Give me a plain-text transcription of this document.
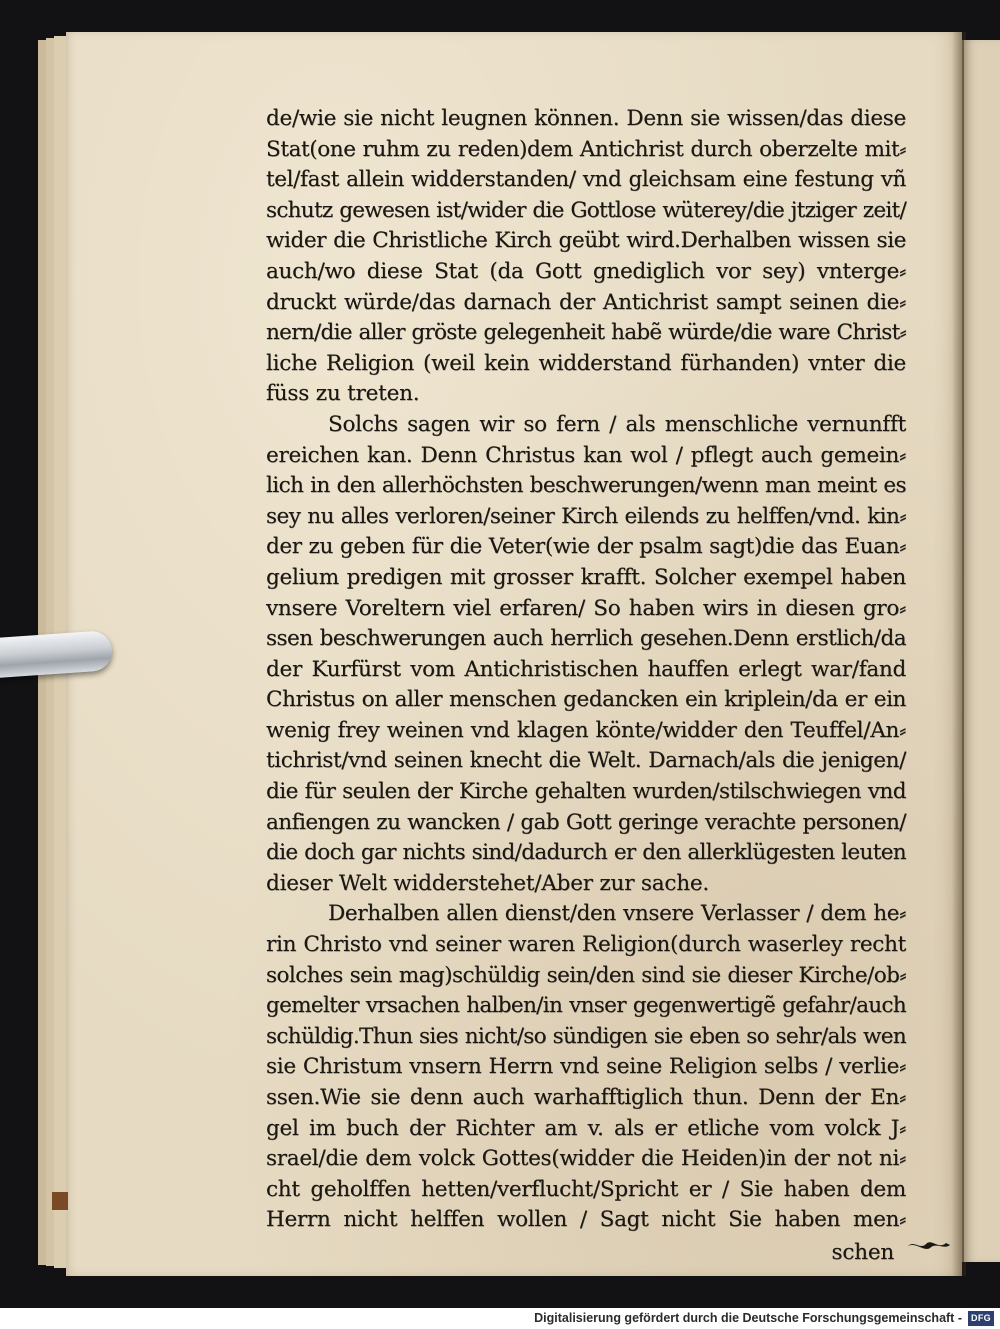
de/wie sie nicht leugnen können. Denn sie wissen/das diese
Stat(one ruhm zu reden)dem Antichrist durch oberzelte mit⸗
tel/fast allein widderstanden/ vnd gleichsam eine festung vñ
schutz gewesen ist/wider die Gottlose wüterey/die jtziger zeit/
wider die Christliche Kirch geübt wird.Derhalben wissen sie
auch/wo diese Stat (da Gott gnediglich vor sey) vnterge⸗
druckt würde/das darnach der Antichrist sampt seinen die⸗
nern/die aller gröste gelegenheit habẽ würde/die ware Christ⸗
liche Religion (weil kein widderstand fürhanden) vnter die
füss zu treten.
Solchs sagen wir so fern / als menschliche vernunfft
ereichen kan. Denn Christus kan wol / pflegt auch gemein⸗
lich in den allerhöchsten beschwerungen/wenn man meint es
sey nu alles verloren/seiner Kirch eilends zu helffen/vnd. kin⸗
der zu geben für die Veter(wie der psalm sagt)die das Euan⸗
gelium predigen mit grosser krafft. Solcher exempel haben
vnsere Voreltern viel erfaren/ So haben wirs in diesen gro⸗
ssen beschwerungen auch herrlich gesehen.Denn erstlich/da
der Kurfürst vom Antichristischen hauffen erlegt war/fand
Christus on aller menschen gedancken ein kriplein/da er ein
wenig frey weinen vnd klagen könte/widder den Teuffel/An⸗
tichrist/vnd seinen knecht die Welt. Darnach/als die jenigen/
die für seulen der Kirche gehalten wurden/stilschwiegen vnd
anfiengen zu wancken / gab Gott geringe verachte personen/
die doch gar nichts sind/dadurch er den allerklügesten leuten
dieser Welt widderstehet/Aber zur sache.
Derhalben allen dienst/den vnsere Verlasser / dem he⸗
rin Christo vnd seiner waren Religion(durch waserley recht
solches sein mag)schüldig sein/den sind sie dieser Kirche/ob⸗
gemelter vrsachen halben/in vnser gegenwertigẽ gefahr/auch
schüldig.Thun sies nicht/so sündigen sie eben so sehr/als wen
sie Christum vnsern Herrn vnd seine Religion selbs / verlie⸗
ssen.Wie sie denn auch warhafftiglich thun. Denn der En⸗
gel im buch der Richter am v. als er etliche vom volck J⸗
srael/die dem volck Gottes(widder die Heiden)in der not ni⸗
cht geholffen hetten/verflucht/Spricht er / Sie haben dem
Herrn nicht helffen wollen / Sagt nicht Sie haben men⸗
schen
Digitalisierung gefördert durch die Deutsche Forschungsgemeinschaft -	DFG
